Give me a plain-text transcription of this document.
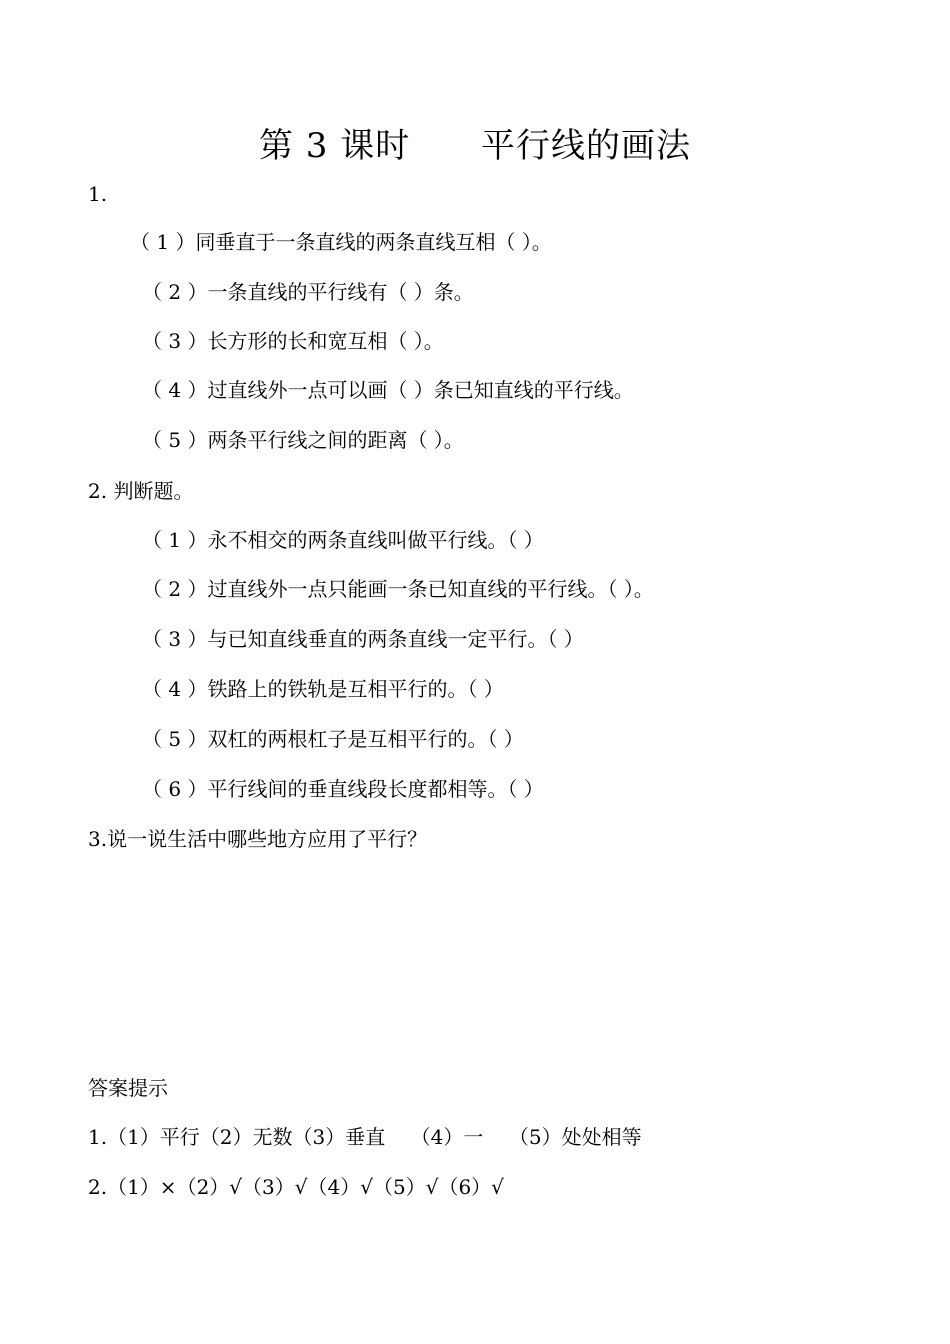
第 3 课时      平行线的画法
1.
（ 1 ）同垂直于一条直线的两条直线互相（ ）。
（ 2 ）一条直线的平行线有（ ）条。
（ 3 ）长方形的长和宽互相（ ）。
（ 4 ）过直线外一点可以画（ ）条已知直线的平行线。
（ 5 ）两条平行线之间的距离（ ）。
2. 判断题。
（ 1 ）永不相交的两条直线叫做平行线。（ ）
（ 2 ）过直线外一点只能画一条已知直线的平行线。（ ）。
（ 3 ）与已知直线垂直的两条直线一定平行。（ ）
（ 4 ）铁路上的铁轨是互相平行的。（ ）
（ 5 ）双杠的两根杠子是互相平行的。（ ）
（ 6 ）平行线间的垂直线段长度都相等。（ ）
3.说一说生活中哪些地方应用了平行？
答案提示
1.（1）平行（2）无数（3）垂直    （4）一    （5）处处相等
2.（1）×（2）√（3）√（4）√（5）√（6）√
